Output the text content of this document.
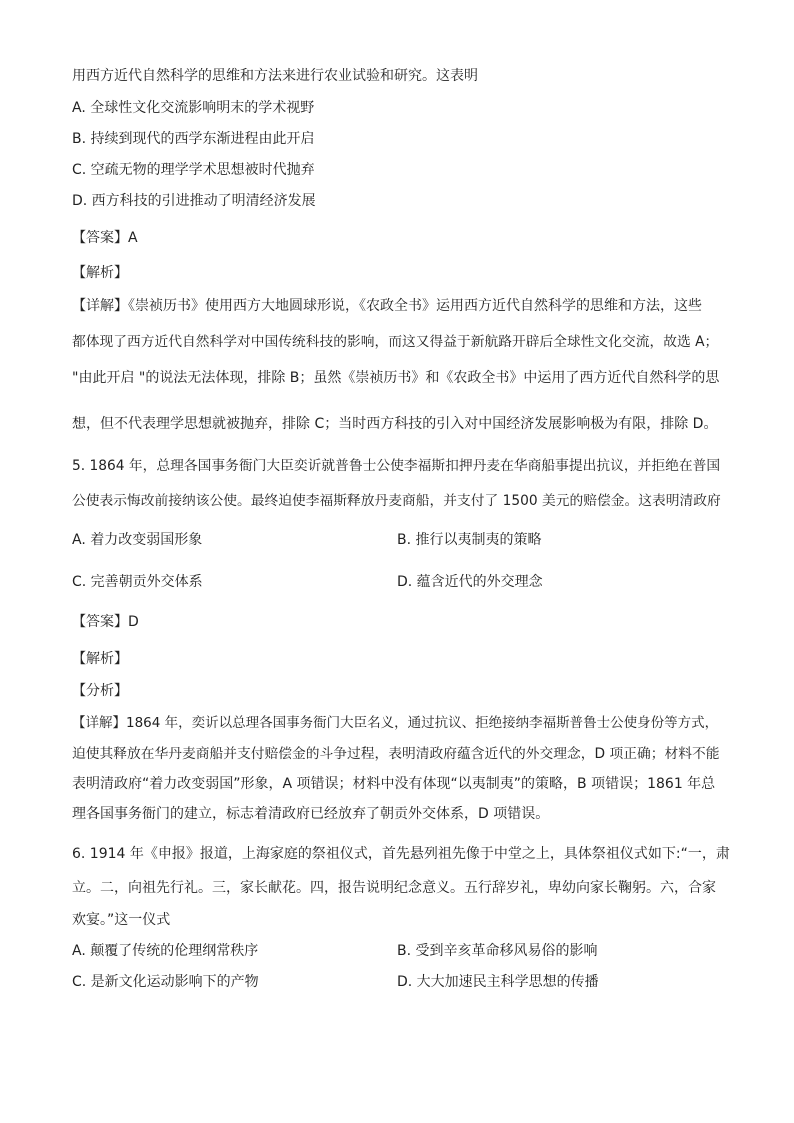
用西方近代自然科学的思维和方法来进行农业试验和研究。这表明
A. 全球性文化交流影响明末的学术视野
B. 持续到现代的西学东渐进程由此开启
C. 空疏无物的理学学术思想被时代抛弃
D. 西方科技的引进推动了明清经济发展
【答案】A
【解析】
【详解】《崇祯历书》使用西方大地圆球形说，《农政全书》运用西方近代自然科学的思维和方法，这些
都体现了西方近代自然科学对中国传统科技的影响，而这又得益于新航路开辟后全球性文化交流，故选 A；
"由此开启 "的说法无法体现，排除 B；虽然《崇祯历书》和《农政全书》中运用了西方近代自然科学的思
想，但不代表理学思想就被抛弃，排除 C；当时西方科技的引入对中国经济发展影响极为有限，排除 D。
5. 1864 年，总理各国事务衙门大臣奕䜣就普鲁士公使李福斯扣押丹麦在华商船事提出抗议，并拒绝在普国
公使表示悔改前接纳该公使。最终迫使李福斯释放丹麦商船，并支付了 1500 美元的赔偿金。这表明清政府
A. 着力改变弱国形象	B. 推行以夷制夷的策略
C. 完善朝贡外交体系	D. 蕴含近代的外交理念
【答案】D
【解析】
【分析】
【详解】1864 年，奕䜣以总理各国事务衙门大臣名义，通过抗议、拒绝接纳李福斯普鲁士公使身份等方式，
迫使其释放在华丹麦商船并支付赔偿金的斗争过程，表明清政府蕴含近代的外交理念，D 项正确；材料不能
表明清政府“着力改变弱国”形象，A 项错误；材料中没有体现“以夷制夷”的策略，B 项错误；1861 年总
理各国事务衙门的建立，标志着清政府已经放弃了朝贡外交体系，D 项错误。
6. 1914 年《申报》报道，上海家庭的祭祖仪式，首先悬列祖先像于中堂之上，具体祭祖仪式如下:“一，肃
立。二，向祖先行礼。三，家长献花。四，报告说明纪念意义。五行辞岁礼，卑幼向家长鞠躬。六，合家
欢宴。”这一仪式
A. 颠覆了传统的伦理纲常秩序	B. 受到辛亥革命移风易俗的影响
C. 是新文化运动影响下的产物	D. 大大加速民主科学思想的传播
